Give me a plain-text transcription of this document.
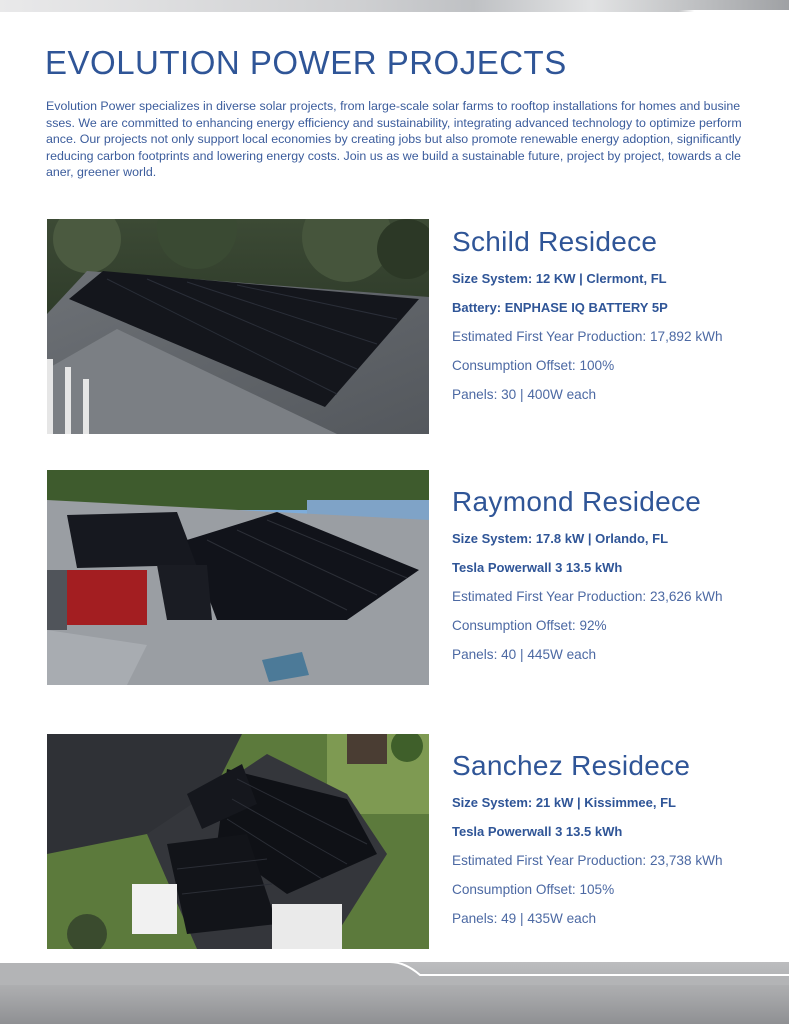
EVOLUTION POWER PROJECTS

Evolution Power specializes in diverse solar projects, from large-scale solar farms to rooftop installations for homes and businesses. We are committed to enhancing energy efficiency and sustainability, integrating advanced technology to optimize performance. Our projects not only support local economies by creating jobs but also promote renewable energy adoption, significantly reducing carbon footprints and lowering energy costs. Join us as we build a sustainable future, project by project, towards a cleaner, greener world.

Schild Residece

Size System: 12 KW | Clermont, FL

Battery: ENPHASE IQ BATTERY 5P

Estimated First Year Production: 17,892 kWh

Consumption Offset: 100%

Panels: 30 | 400W each

Raymond Residece

Size System: 17.8 kW | Orlando, FL

Tesla Powerwall 3 13.5 kWh

Estimated First Year Production: 23,626 kWh

Consumption Offset: 92%

Panels: 40 | 445W each

Sanchez Residece

Size System: 21 kW | Kissimmee, FL

Tesla Powerwall 3 13.5 kWh

Estimated First Year Production: 23,738 kWh

Consumption Offset: 105%

Panels: 49 | 435W each
